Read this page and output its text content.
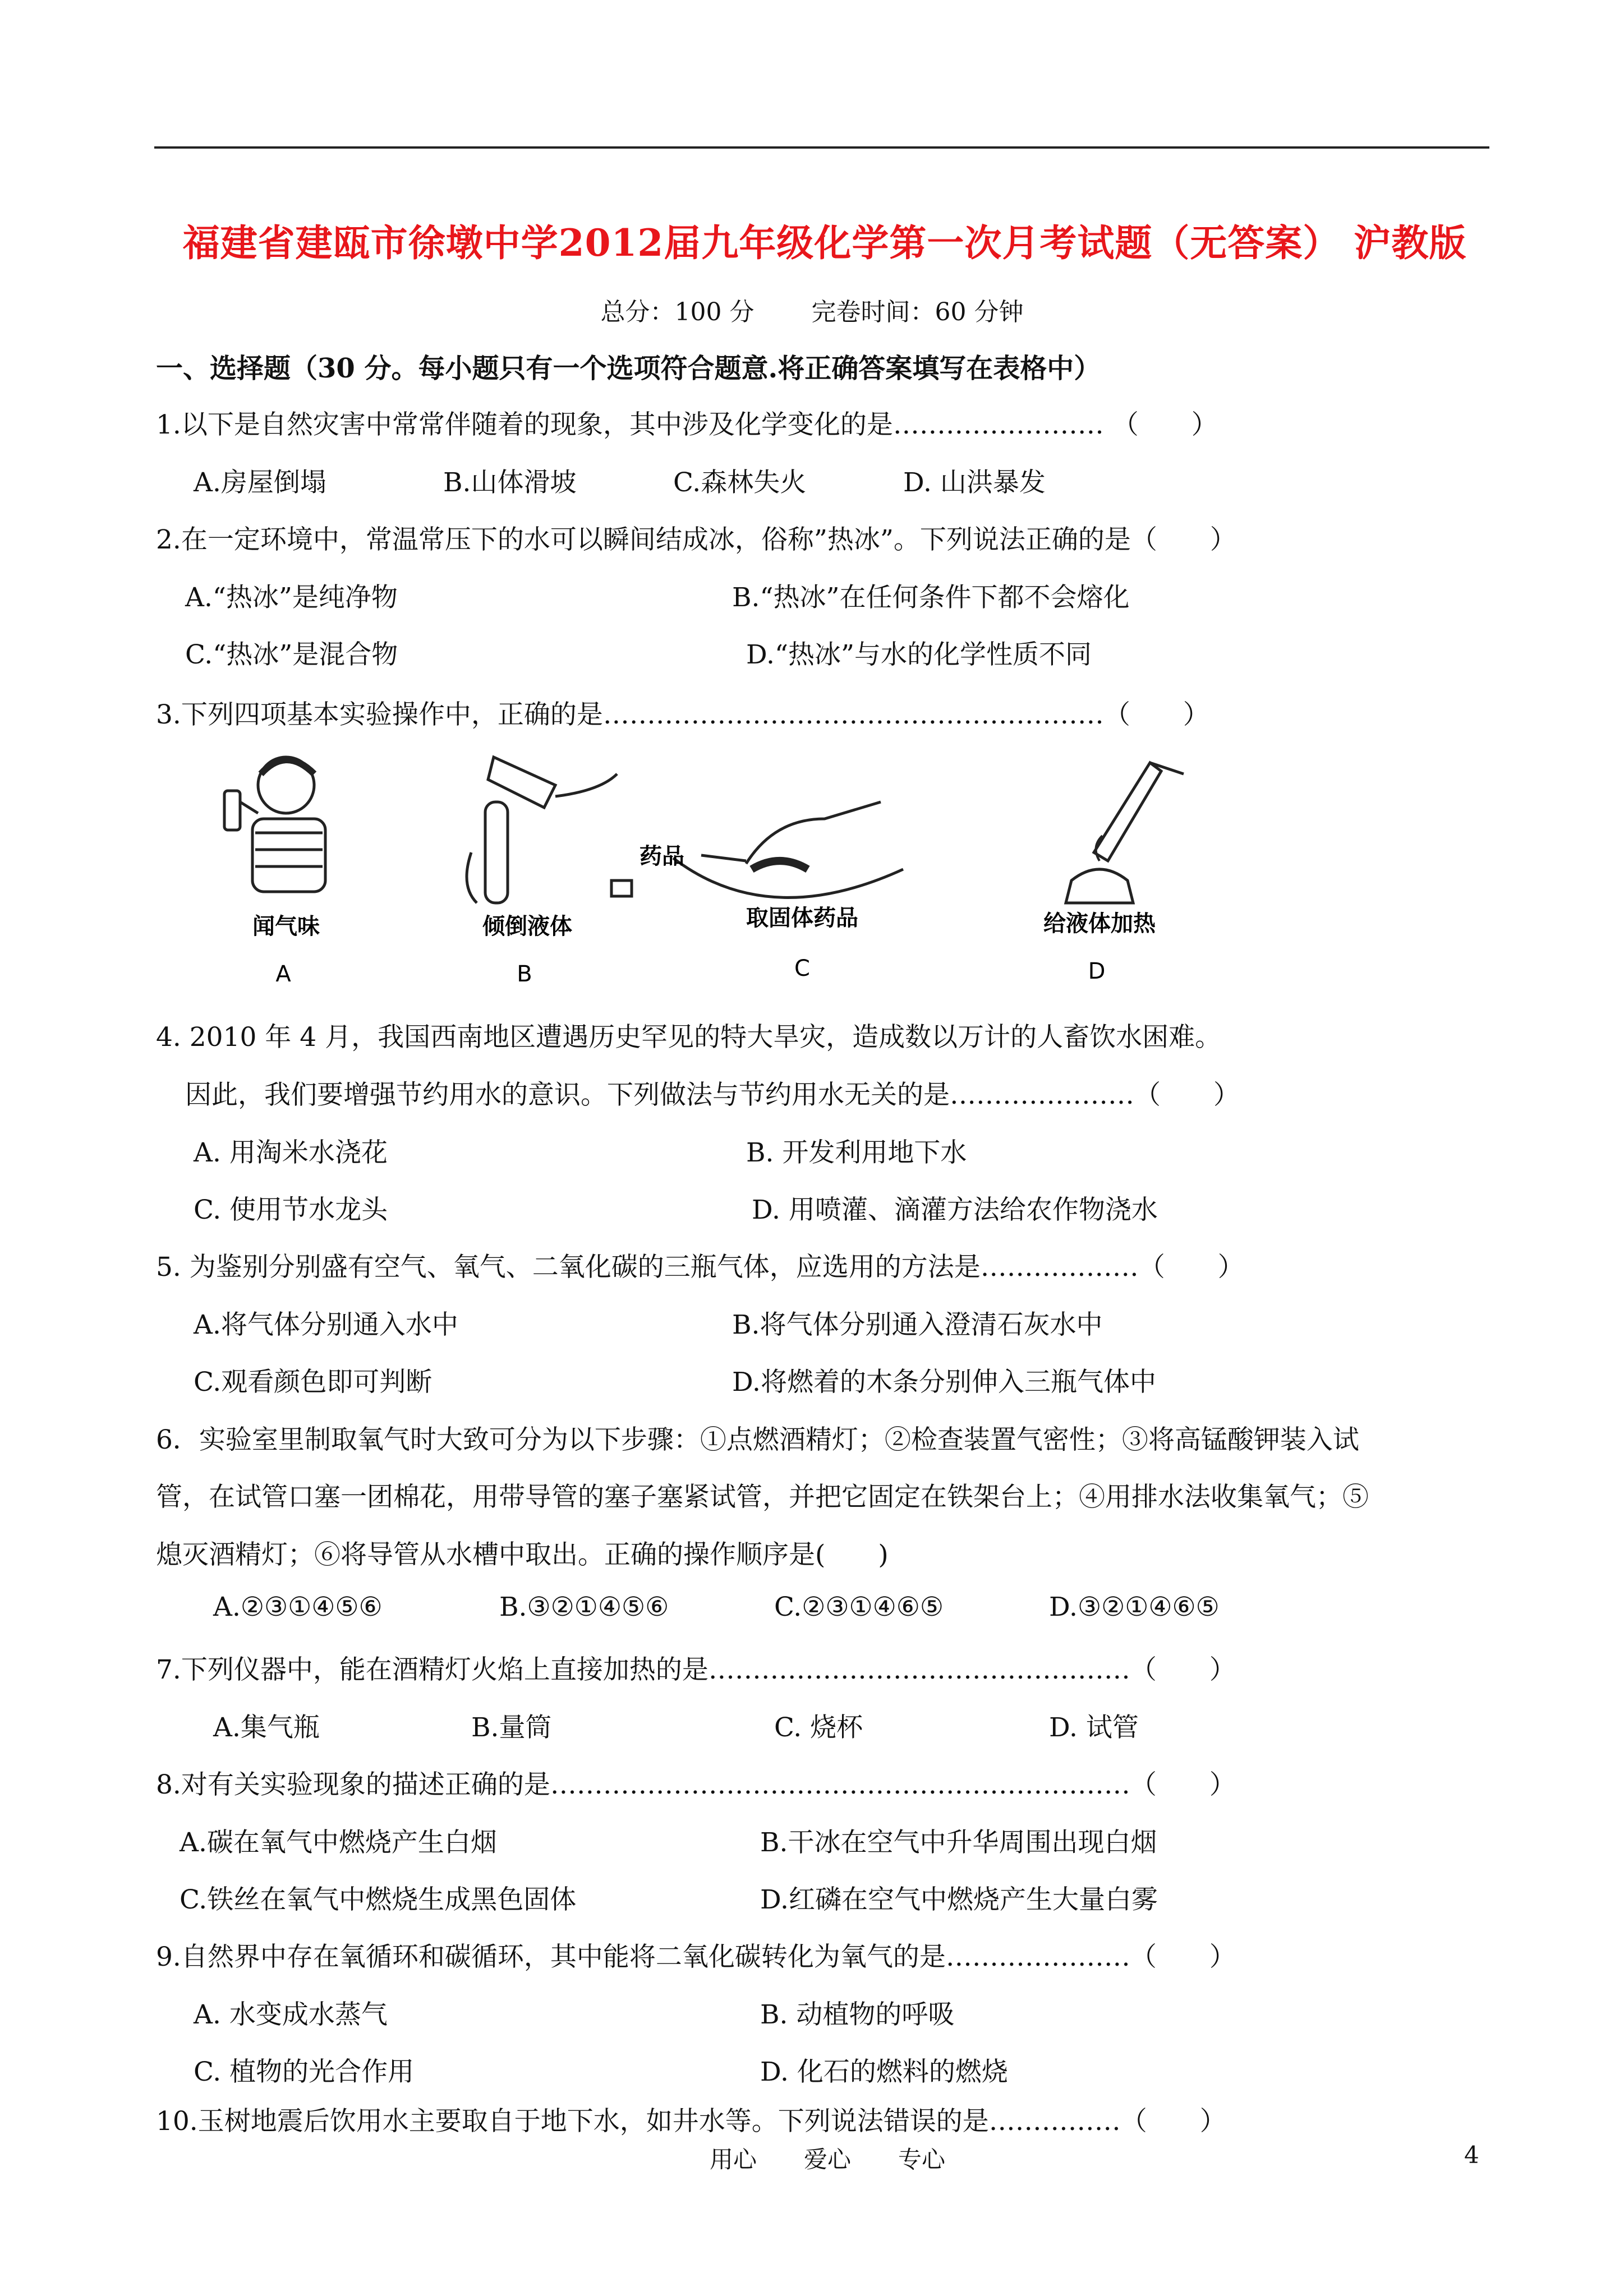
福建省建瓯市徐墩中学2012届九年级化学第一次月考试题（无答案） 沪教版
总分：100 分 完卷时间：60 分钟
一、选择题（30 分。每小题只有一个选项符合题意.将正确答案填写在表格中）
1.以下是自然灾害中常常伴随着的现象，其中涉及化学变化的是…………………… （　　）
A.房屋倒塌	B.山体滑坡	C.森林失火	D. 山洪暴发
2.在一定环境中，常温常压下的水可以瞬间结成冰，俗称”热冰”。下列说法正确的是（　　）
A.“热冰”是纯净物	B.“热冰”在任何条件下都不会熔化
C.“热冰”是混合物	D.“热冰”与水的化学性质不同
3.下列四项基本实验操作中，正确的是…………………………………………………（　　）
闻气味
A
倾倒液体
B
药品
取固体药品
C
给液体加热
D
4. 2010 年 4 月，我国西南地区遭遇历史罕见的特大旱灾，造成数以万计的人畜饮水困难。
因此，我们要增强节约用水的意识。下列做法与节约用水无关的是…………………（　　）
A. 用淘米水浇花	B. 开发利用地下水
C. 使用节水龙头	D. 用喷灌、滴灌方法给农作物浇水
5. 为鉴别分别盛有空气、氧气、二氧化碳的三瓶气体，应选用的方法是………………（　　）
A.将气体分别通入水中	B.将气体分别通入澄清石灰水中
C.观看颜色即可判断	D.将燃着的木条分别伸入三瓶气体中
6．实验室里制取氧气时大致可分为以下步骤：①点燃酒精灯；②检查装置气密性；③将高锰酸钾装入试
管，在试管口塞一团棉花，用带导管的塞子塞紧试管，并把它固定在铁架台上；④用排水法收集氧气；⑤
熄灭酒精灯；⑥将导管从水槽中取出。正确的操作顺序是(　　)
A.②③①④⑤⑥	B.③②①④⑤⑥	C.②③①④⑥⑤	D.③②①④⑥⑤
7.下列仪器中，能在酒精灯火焰上直接加热的是…………………………………………（　　）
A.集气瓶	B.量筒	C. 烧杯	D. 试管
8.对有关实验现象的描述正确的是…………………………………………………………（　　）
A.碳在氧气中燃烧产生白烟	B.干冰在空气中升华周围出现白烟
C.铁丝在氧气中燃烧生成黑色固体	D.红磷在空气中燃烧产生大量白雾
9.自然界中存在氧循环和碳循环，其中能将二氧化碳转化为氧气的是…………………（　　）
A. 水变成水蒸气	B. 动植物的呼吸
C. 植物的光合作用	D. 化石的燃料的燃烧
10.玉树地震后饮用水主要取自于地下水，如井水等。下列说法错误的是……………（　　）
用心　　爱心　　专心	4
